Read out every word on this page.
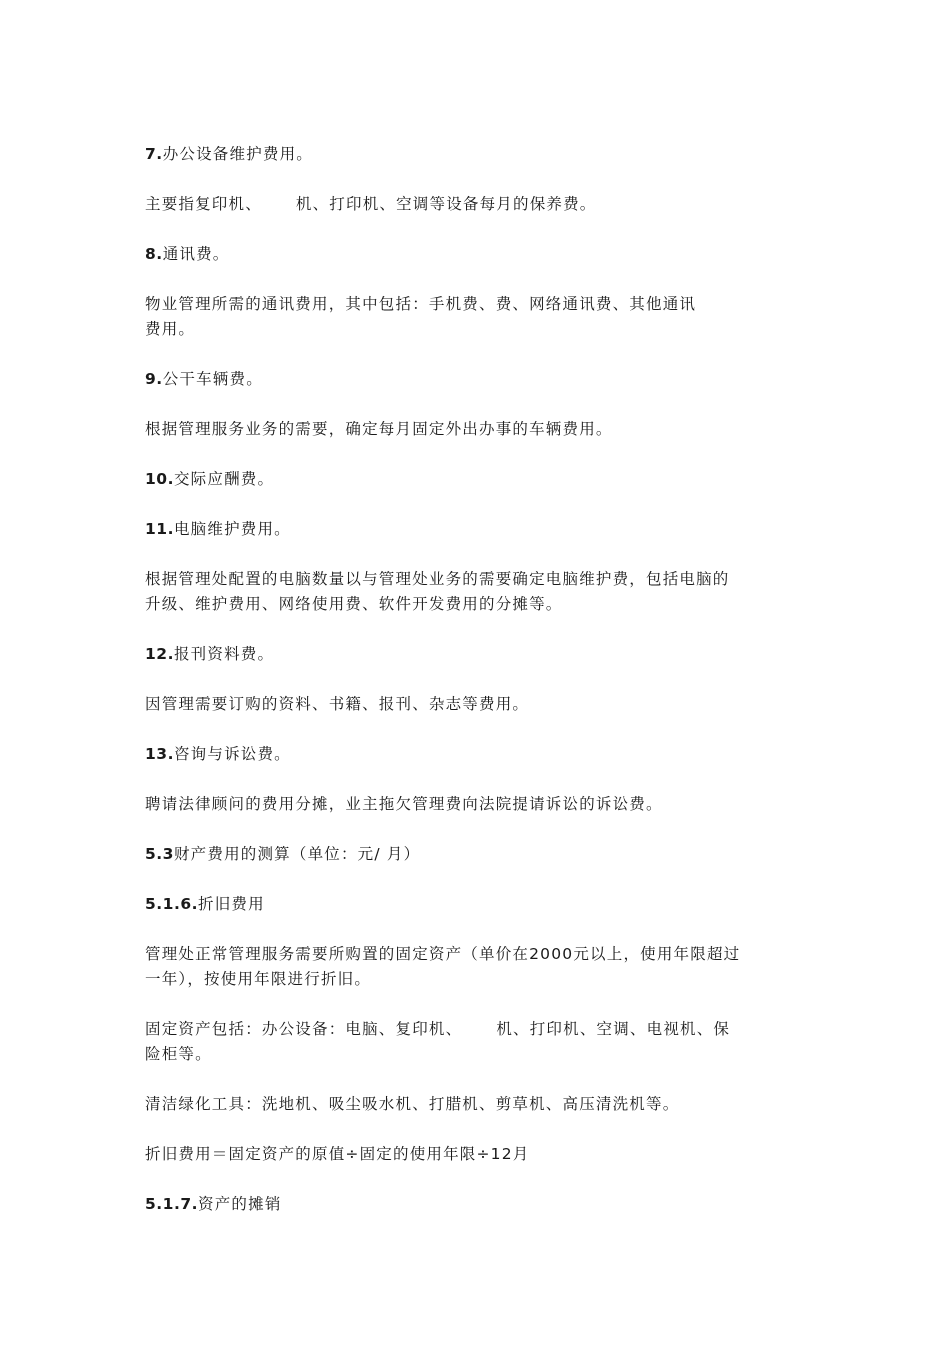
7.办公设备维护费用。

主要指复印机、 机、打印机、空调等设备每月的保养费。

8.通讯费。

物业管理所需的通讯费用，其中包括：手机费、费、网络通讯费、其他通讯

费用。

9.公干车辆费。

根据管理服务业务的需要，确定每月固定外出办事的车辆费用。

10.交际应酬费。

11.电脑维护费用。

根据管理处配置的电脑数量以与管理处业务的需要确定电脑维护费，包括电脑的

升级、维护费用、网络使用费、软件开发费用的分摊等。

12.报刊资料费。

因管理需要订购的资料、书籍、报刊、杂志等费用。

13.咨询与诉讼费。

聘请法律顾问的费用分摊，业主拖欠管理费向法院提请诉讼的诉讼费。

5.3财产费用的测算（单位：元/ 月）

5.1.6.折旧费用

管理处正常管理服务需要所购置的固定资产（单价在2000元以上，使用年限超过

一年），按使用年限进行折旧。

固定资产包括：办公设备：电脑、复印机、 机、打印机、空调、电视机、保

险柜等。

清洁绿化工具：洗地机、吸尘吸水机、打腊机、剪草机、高压清洗机等。

折旧费用＝固定资产的原值÷固定的使用年限÷12月

5.1.7.资产的摊销
